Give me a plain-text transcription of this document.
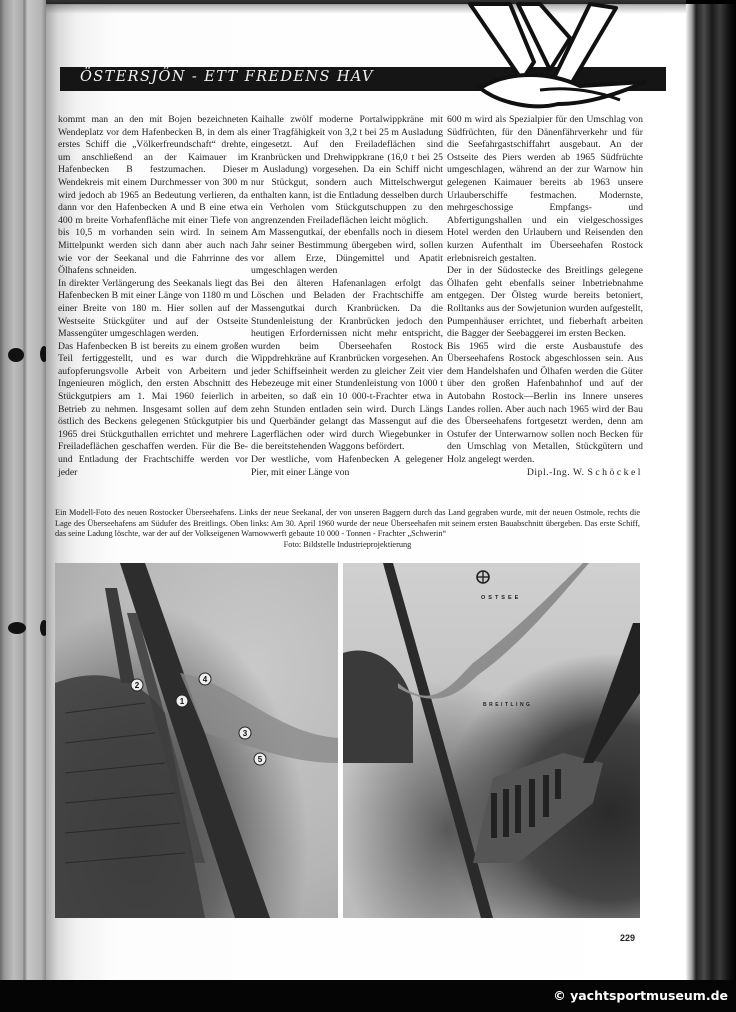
ÖSTERSJÖN - ETT FREDENS HAV

kommt man an den mit Bojen bezeichneten Wendeplatz vor dem Hafenbecken B, in dem als erstes Schiff die „Völkerfreundschaft“ drehte, um anschließend an der Kaimauer im Hafenbecken B festzumachen. Dieser Wendekreis mit einem Durchmesser von 300 m wird jedoch ab 1965 an Bedeutung verlieren, da dann vor den Hafenbecken A und B eine etwa 400 m breite Vorhafenfläche mit einer Tiefe von bis 10,5 m vorhanden sein wird. In seinem Mittelpunkt werden sich dann aber auch nach wie vor der Seekanal und die Fahrrinne des Ölhafens schneiden.

In direkter Verlängerung des Seekanals liegt das Hafenbecken B mit einer Länge von 1180 m und einer Breite von 180 m. Hier sollen auf der Westseite Stückgüter und auf der Ostseite Massengüter umgeschlagen werden.

Das Hafenbecken B ist bereits zu einem großen Teil fertiggestellt, und es war durch die aufopferungsvolle Arbeit von Arbeitern und Ingenieuren möglich, den ersten Abschnitt des Stückgutpiers am 1. Mai 1960 feierlich in Betrieb zu nehmen. Insgesamt sollen auf dem östlich des Beckens gelegenen Stückgutpier bis 1965 drei Stückguthallen errichtet und mehrere Freiladeflächen geschaffen werden. Für die Be- und Entladung der Frachtschiffe werden vor jeder

Kaihalle zwölf moderne Portalwippkräne mit einer Tragfähigkeit von 3,2 t bei 25 m Ausladung eingesetzt. Auf den Freiladeflächen sind Kranbrücken und Drehwippkrane (16,0 t bei 25 m Ausladung) vorgesehen. Da ein Schiff nicht nur Stückgut, sondern auch Mittelschwergut enthalten kann, ist die Entladung desselben durch ein Verholen vom Stückgutschuppen zu den angrenzenden Freiladeflächen leicht möglich.

Am Massengutkai, der ebenfalls noch in diesem Jahr seiner Bestimmung übergeben wird, sollen vor allem Erze, Düngemittel und Apatit umgeschlagen werden

Bei den älteren Hafenanlagen erfolgt das Löschen und Beladen der Frachtschiffe am Massengutkai durch Kranbrücken. Da die Stundenleistung der Kranbrücken jedoch den heutigen Erfordernissen nicht mehr entspricht, wurden beim Überseehafen Rostock Wippdrehkräne auf Kranbrücken vorgesehen. An jeder Schiffseinheit werden zu gleicher Zeit vier Hebezeuge mit einer Stundenleistung von 1000 t arbeiten, so daß ein 10 000-t-Frachter etwa in zehn Stunden entladen sein wird. Durch Längs und Querbänder gelangt das Massengut auf die Lagerflächen oder wird durch Wiegebunker in die bereitstehenden Waggons befördert.

Der westliche, vom Hafenbecken A gelegener Pier, mit einer Länge von

600 m wird als Spezialpier für den Umschlag von Südfrüchten, für den Dänenfährverkehr und für die Seefahrgastschiffahrt ausgebaut. An der Ostseite des Piers werden ab 1965 Südfrüchte umgeschlagen, während an der zur Warnow hin gelegenen Kaimauer bereits ab 1963 unsere Urlauberschiffe festmachen. Modernste, mehrgeschossige Empfangs- und Abfertigungshallen und ein vielgeschossiges Hotel werden den Urlaubern und Reisenden den kurzen Aufenthalt im Überseehafen Rostock erlebnisreich gestalten.

Der in der Südostecke des Breitlings gelegene Ölhafen geht ebenfalls seiner Inbetriebnahme entgegen. Der Ölsteg wurde bereits betoniert, Rolltanks aus der Sowjetunion wurden aufgestellt, Pumpenhäuser errichtet, und fieberhaft arbeiten die Bagger der Seebaggerei im ersten Becken.

Bis 1965 wird die erste Ausbaustufe des Überseehafens Rostock abgeschlossen sein. Aus dem Handelshafen und Ölhafen werden die Güter über den großen Hafenbahnhof und auf der Autobahn Rostock—Berlin ins Innere unseres Landes rollen. Aber auch nach 1965 wird der Bau des Überseehafens fortgesetzt werden, denn am Ostufer der Unterwarnow sollen noch Becken für den Umschlag von Metallen, Stückgütern und Holz angelegt werden.

Dipl.-Ing. W. Schöckel

Ein Modell-Foto des neuen Rostocker Überseehafens. Links der neue Seekanal, der von unseren Baggern durch das Land gegraben wurde, mit der neuen Ostmole, rechts die Lage des Überseehafens am Südufer des Breitlings. Oben links: Am 30. April 1960 wurde der neue Überseehafen mit seinem ersten Bauabschnitt übergeben. Das erste Schiff, das seine Ladung löschte, war der auf der Volkseigenen Warnowwerft gebaute 10 000 - Tonnen - Frachter „Schwerin“
Foto: Bildstelle Industrieprojektierung
1
2
3
4
5
OSTSEE
BREITLING
229
© yachtsportmuseum.de
